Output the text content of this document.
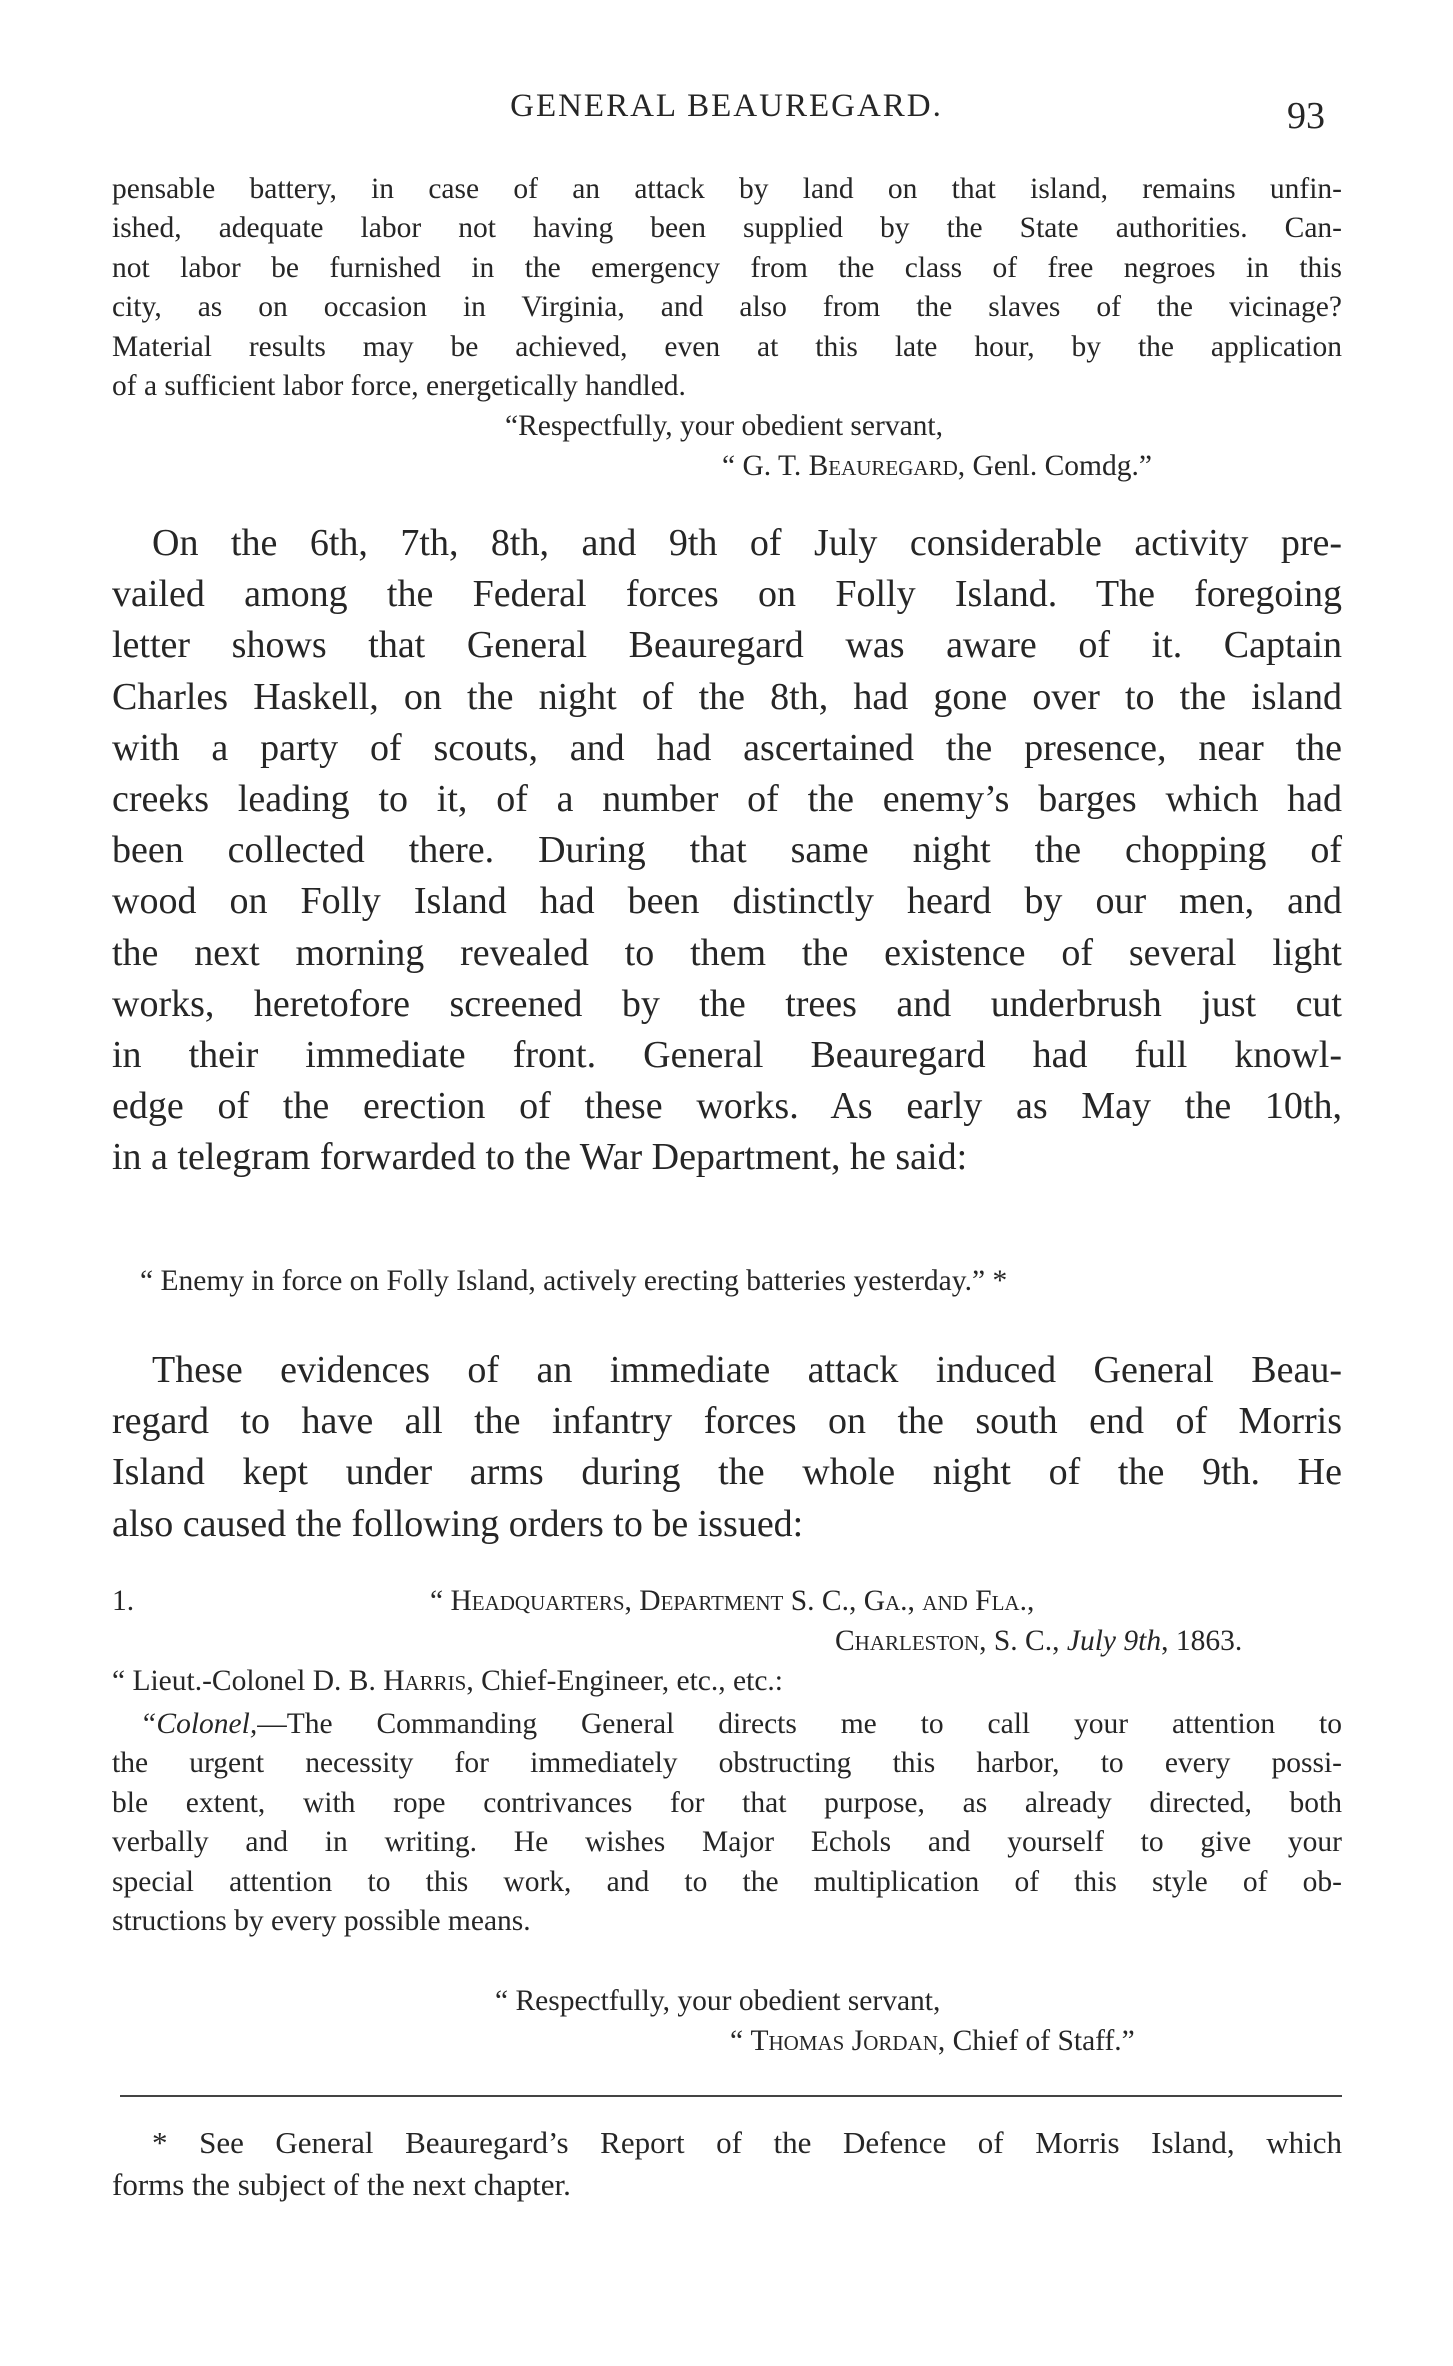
GENERAL BEAUREGARD.	93
pensable battery, in case of an attack by land on that island, remains unfin-
ished, adequate labor not having been supplied by the State authorities. Can-
not labor be furnished in the emergency from the class of free negroes in this
city, as on occasion in Virginia, and also from the slaves of the vicinage?
Material results may be achieved, even at this late hour, by the application
of a sufficient labor force, energetically handled.
“Respectfully, your obedient servant,
“ G. T. Beauregard, Genl. Comdg.”
On the 6th, 7th, 8th, and 9th of July considerable activity pre-
vailed among the Federal forces on Folly Island. The foregoing
letter shows that General Beauregard was aware of it. Captain
Charles Haskell, on the night of the 8th, had gone over to the island
with a party of scouts, and had ascertained the presence, near the
creeks leading to it, of a number of the enemy’s barges which had
been collected there. During that same night the chopping of
wood on Folly Island had been distinctly heard by our men, and
the next morning revealed to them the existence of several light
works, heretofore screened by the trees and underbrush just cut
in their immediate front. General Beauregard had full knowl-
edge of the erection of these works. As early as May the 10th,
in a telegram forwarded to the War Department, he said:
“ Enemy in force on Folly Island, actively erecting batteries yesterday.” *
These evidences of an immediate attack induced General Beau-
regard to have all the infantry forces on the south end of Morris
Island kept under arms during the whole night of the 9th. He
also caused the following orders to be issued:
1.	“ Headquarters, Department S. C., Ga., and Fla.,
Charleston, S. C., July 9th, 1863.
“ Lieut.-Colonel D. B. Harris, Chief-Engineer, etc., etc.:
“Colonel,—The Commanding General directs me to call your attention to
the urgent necessity for immediately obstructing this harbor, to every possi-
ble extent, with rope contrivances for that purpose, as already directed, both
verbally and in writing. He wishes Major Echols and yourself to give your
special attention to this work, and to the multiplication of this style of ob-
structions by every possible means.
“ Respectfully, your obedient servant,
“ Thomas Jordan, Chief of Staff.”
* See General Beauregard’s Report of the Defence of Morris Island, which
forms the subject of the next chapter.
